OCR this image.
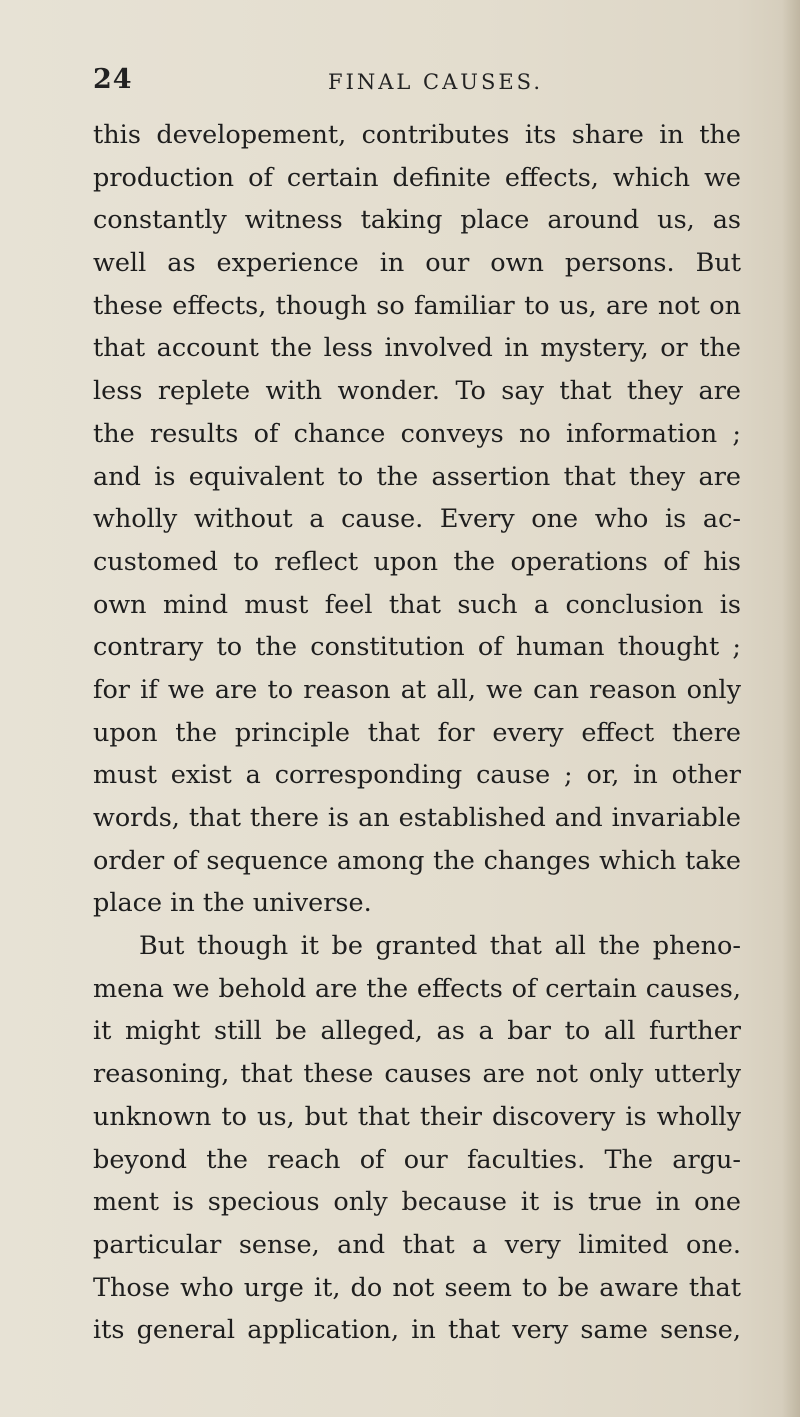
24	FINAL CAUSES.
this developement, contributes its share in the
production of certain definite effects, which we
constantly witness taking place around us, as
well as experience in our own persons. But
these effects, though so familiar to us, are not on
that account the less involved in mystery, or the
less replete with wonder. To say that they are
the results of chance conveys no information ;
and is equivalent to the assertion that they are
wholly without a cause. Every one who is ac-
customed to reflect upon the operations of his
own mind must feel that such a conclusion is
contrary to the constitution of human thought ;
for if we are to reason at all, we can reason only
upon the principle that for every effect there
must exist a corresponding cause ; or, in other
words, that there is an established and invariable
order of sequence among the changes which take
place in the universe.
But though it be granted that all the pheno-
mena we behold are the effects of certain causes,
it might still be alleged, as a bar to all further
reasoning, that these causes are not only utterly
unknown to us, but that their discovery is wholly
beyond the reach of our faculties. The argu-
ment is specious only because it is true in one
particular sense, and that a very limited one.
Those who urge it, do not seem to be aware that
its general application, in that very same sense,
